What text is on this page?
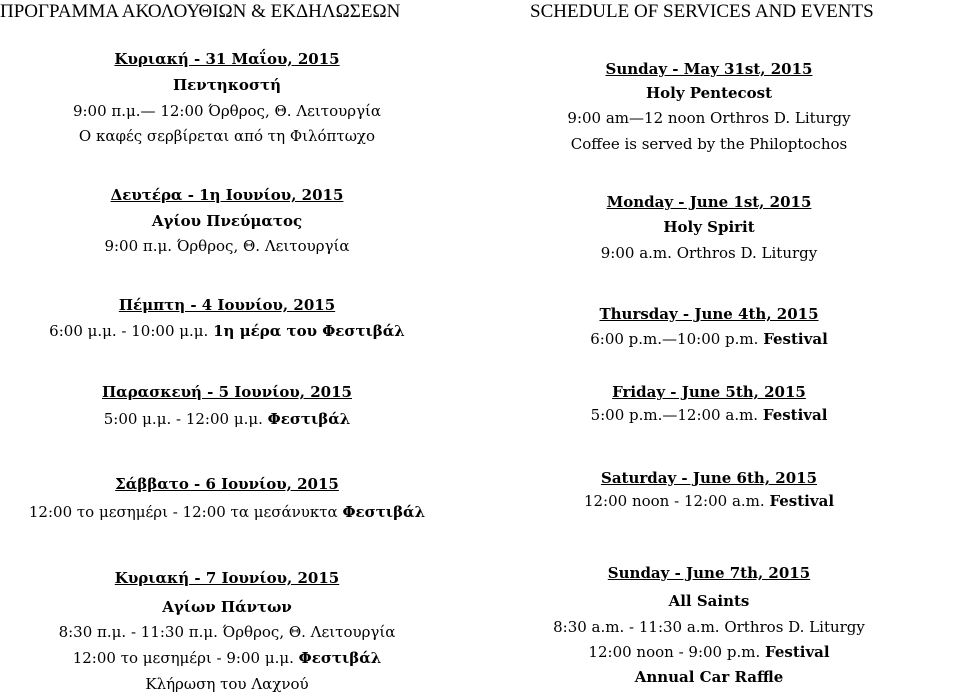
ΠΡΟΓΡΑΜΜΑ ΑΚΟΛΟΥΘΙΩΝ & ΕΚΔΗΛΩΣΕΩΝ	SCHEDULE OF SERVICES AND EVENTS
Κυριακή - 31 Μαΐου, 2015
Πεντηκοστή
9:00 π.μ.— 12:00 Όρθρος, Θ. Λειτουργία
Ο καφές σερβίρεται από τη Φιλόπτωχο
Δευτέρα - 1η Ιουνίου, 2015
Αγίου Πνεύματος
9:00 π.μ. Όρθρος, Θ. Λειτουργία
Πέμπτη - 4 Ιουνίου, 2015
6:00 μ.μ. - 10:00 μ.μ. 1η μέρα του Φεστιβάλ
Παρασκευή - 5 Ιουνίου, 2015
5:00 μ.μ. - 12:00 μ.μ. Φεστιβάλ
Σάββατο - 6 Ιουνίου, 2015
12:00 το μεσημέρι - 12:00 τα μεσάνυκτα Φεστιβάλ
Κυριακή - 7 Ιουνίου, 2015
Αγίων Πάντων
8:30 π.μ. - 11:30 π.μ. Όρθρος, Θ. Λειτουργία
12:00 το μεσημέρι - 9:00 μ.μ. Φεστιβάλ
Κλήρωση του Λαχνού
Sunday - May 31st, 2015
Holy Pentecost
9:00 am—12 noon Orthros D. Liturgy
Coffee is served by the Philoptochos
Monday - June 1st, 2015
Holy Spirit
9:00 a.m. Orthros D. Liturgy
Thursday - June 4th, 2015
6:00 p.m.—10:00 p.m. Festival
Friday - June 5th, 2015
5:00 p.m.—12:00 a.m. Festival
Saturday - June 6th, 2015
12:00 noon - 12:00 a.m. Festival
Sunday - June 7th, 2015
All Saints
8:30 a.m. - 11:30 a.m. Orthros D. Liturgy
12:00 noon - 9:00 p.m. Festival
Annual Car Raffle
